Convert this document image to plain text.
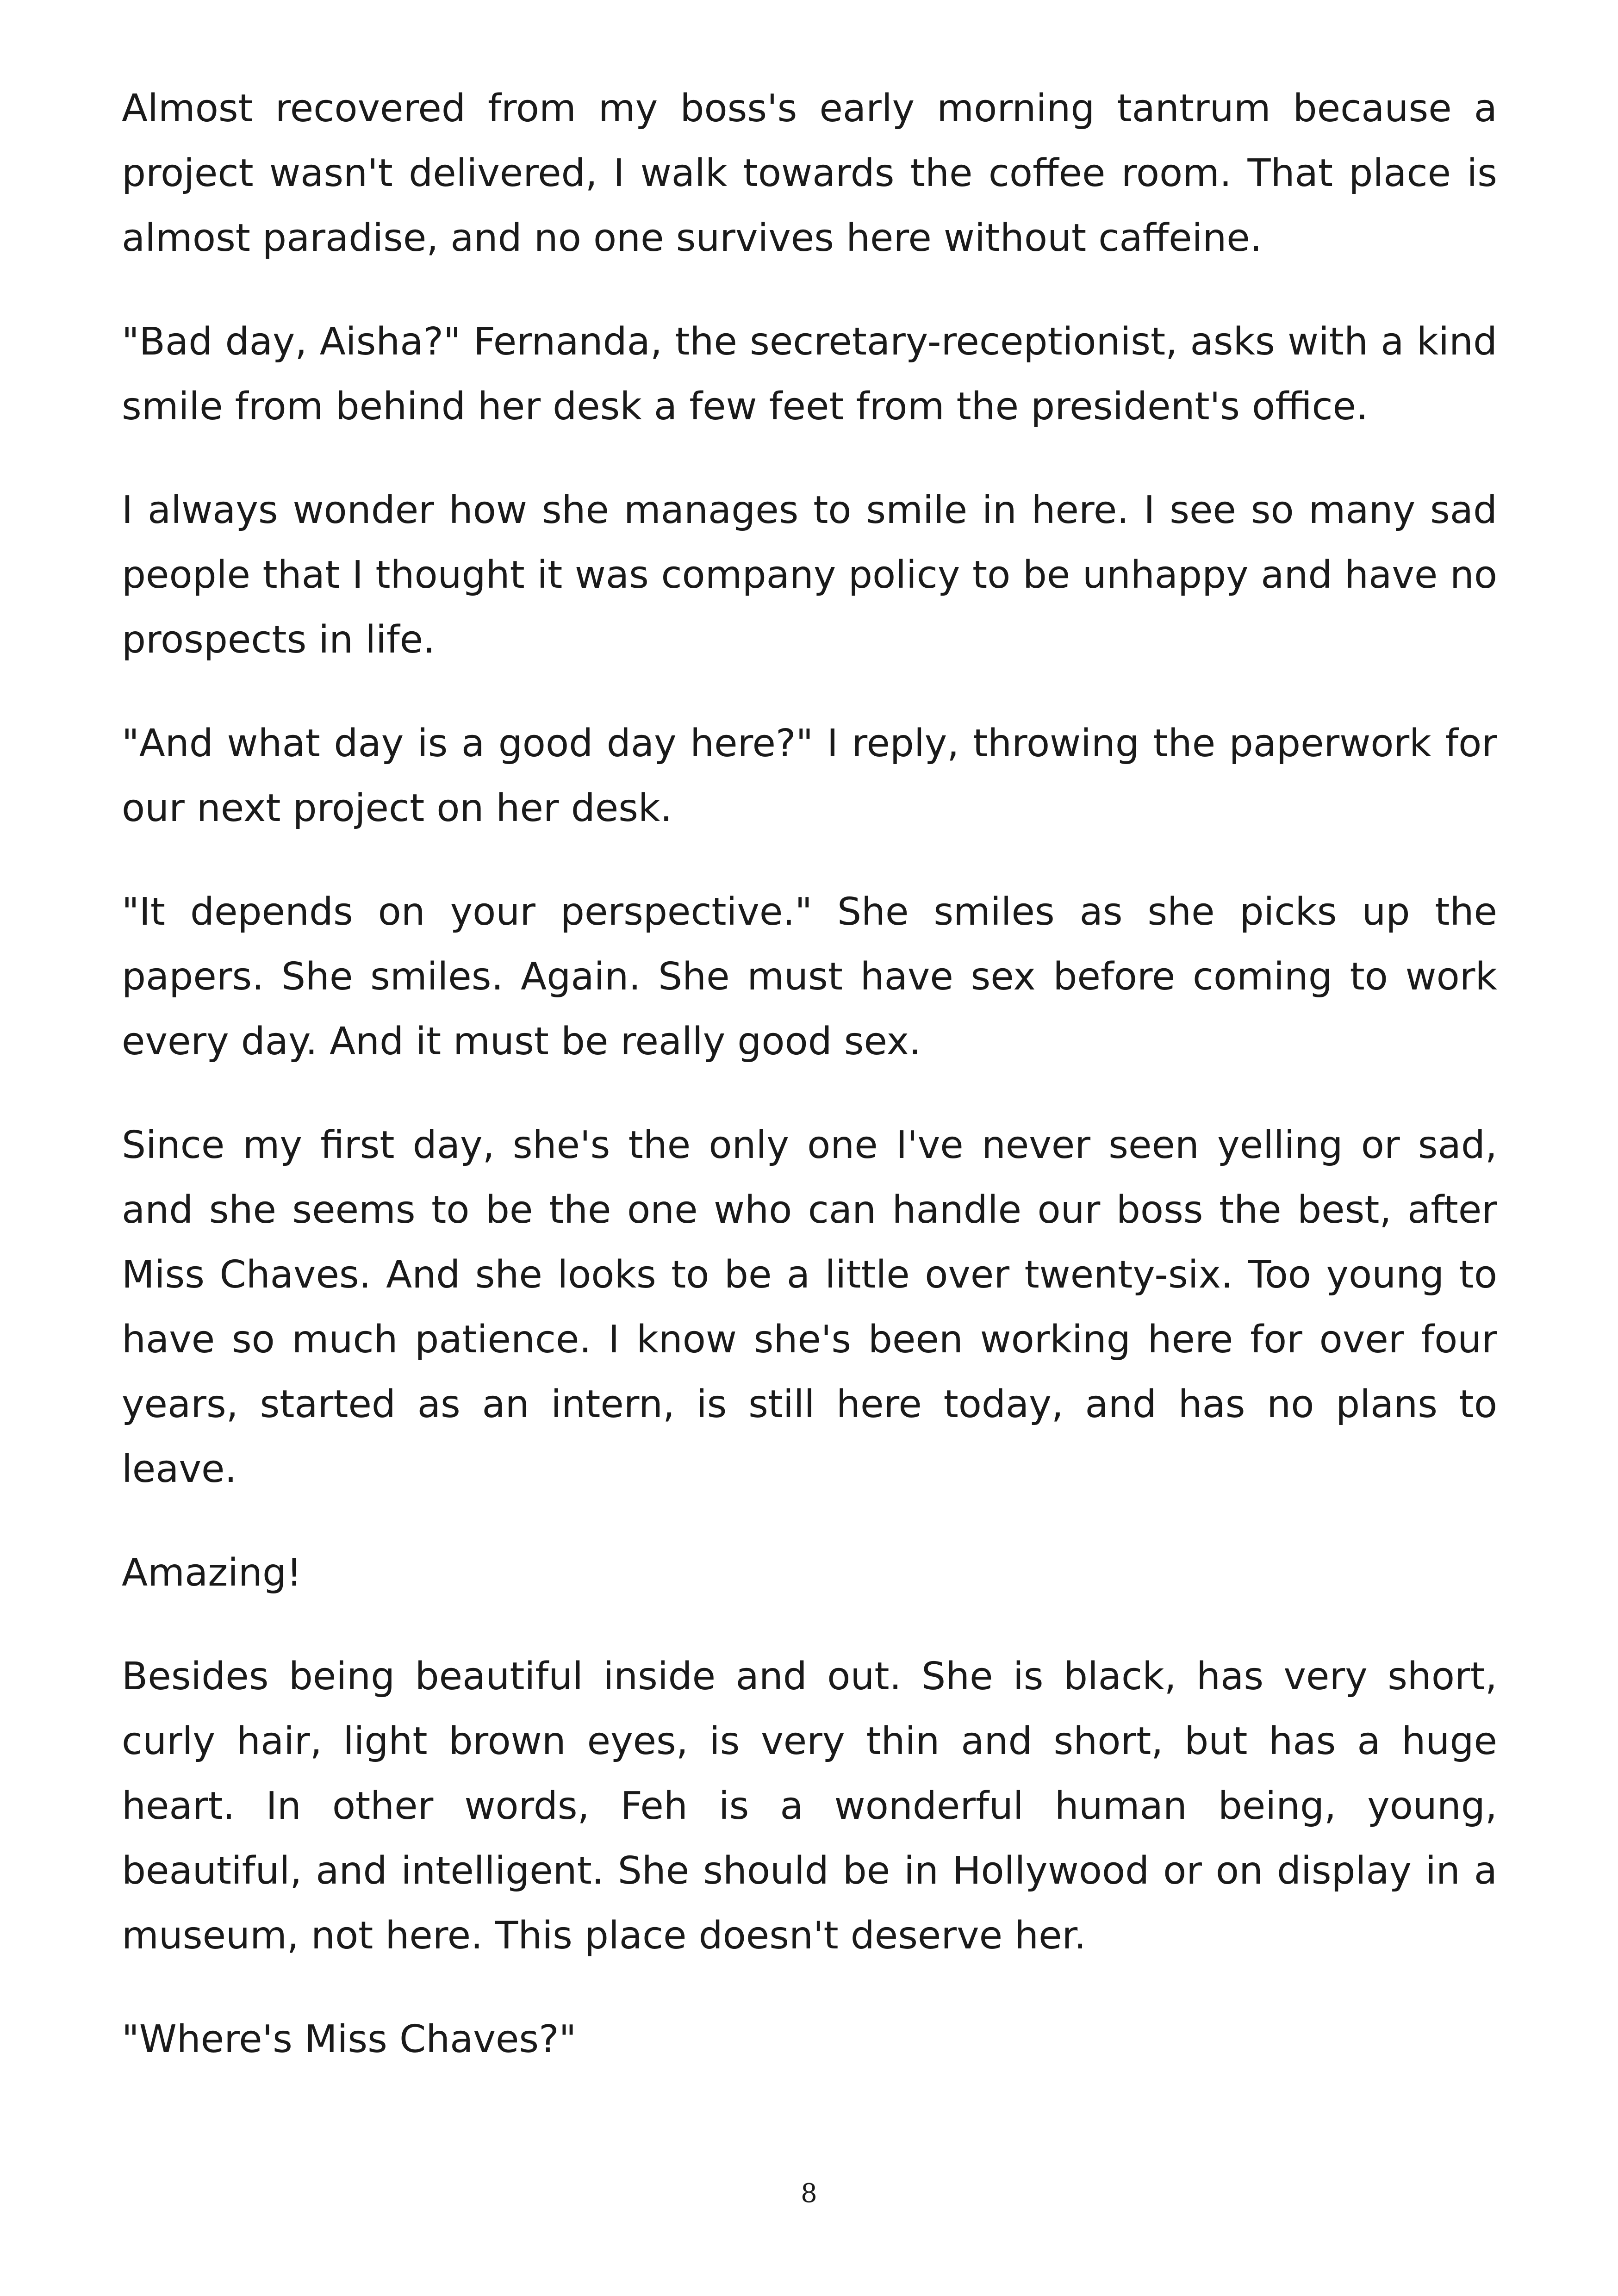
Almost recovered from my boss's early morning tantrum because a project wasn't delivered, I walk towards the coffee room. That place is almost paradise, and no one survives here without caffeine.

"Bad day, Aisha?" Fernanda, the secretary-receptionist, asks with a kind smile from behind her desk a few feet from the president's office.

I always wonder how she manages to smile in here. I see so many sad people that I thought it was company policy to be unhappy and have no prospects in life.

"And what day is a good day here?" I reply, throwing the paperwork for our next project on her desk.

"It depends on your perspective." She smiles as she picks up the papers. She smiles. Again. She must have sex before coming to work every day. And it must be really good sex.

Since my first day, she's the only one I've never seen yelling or sad, and she seems to be the one who can handle our boss the best, after Miss Chaves. And she looks to be a little over twenty-six. Too young to have so much patience. I know she's been working here for over four years, started as an intern, is still here today, and has no plans to leave.

Amazing!

Besides being beautiful inside and out. She is black, has very short, curly hair, light brown eyes, is very thin and short, but has a huge heart. In other words, Feh is a wonderful human being, young, beautiful, and intelligent. She should be in Hollywood or on display in a museum, not here. This place doesn't deserve her.

"Where's Miss Chaves?"

8
